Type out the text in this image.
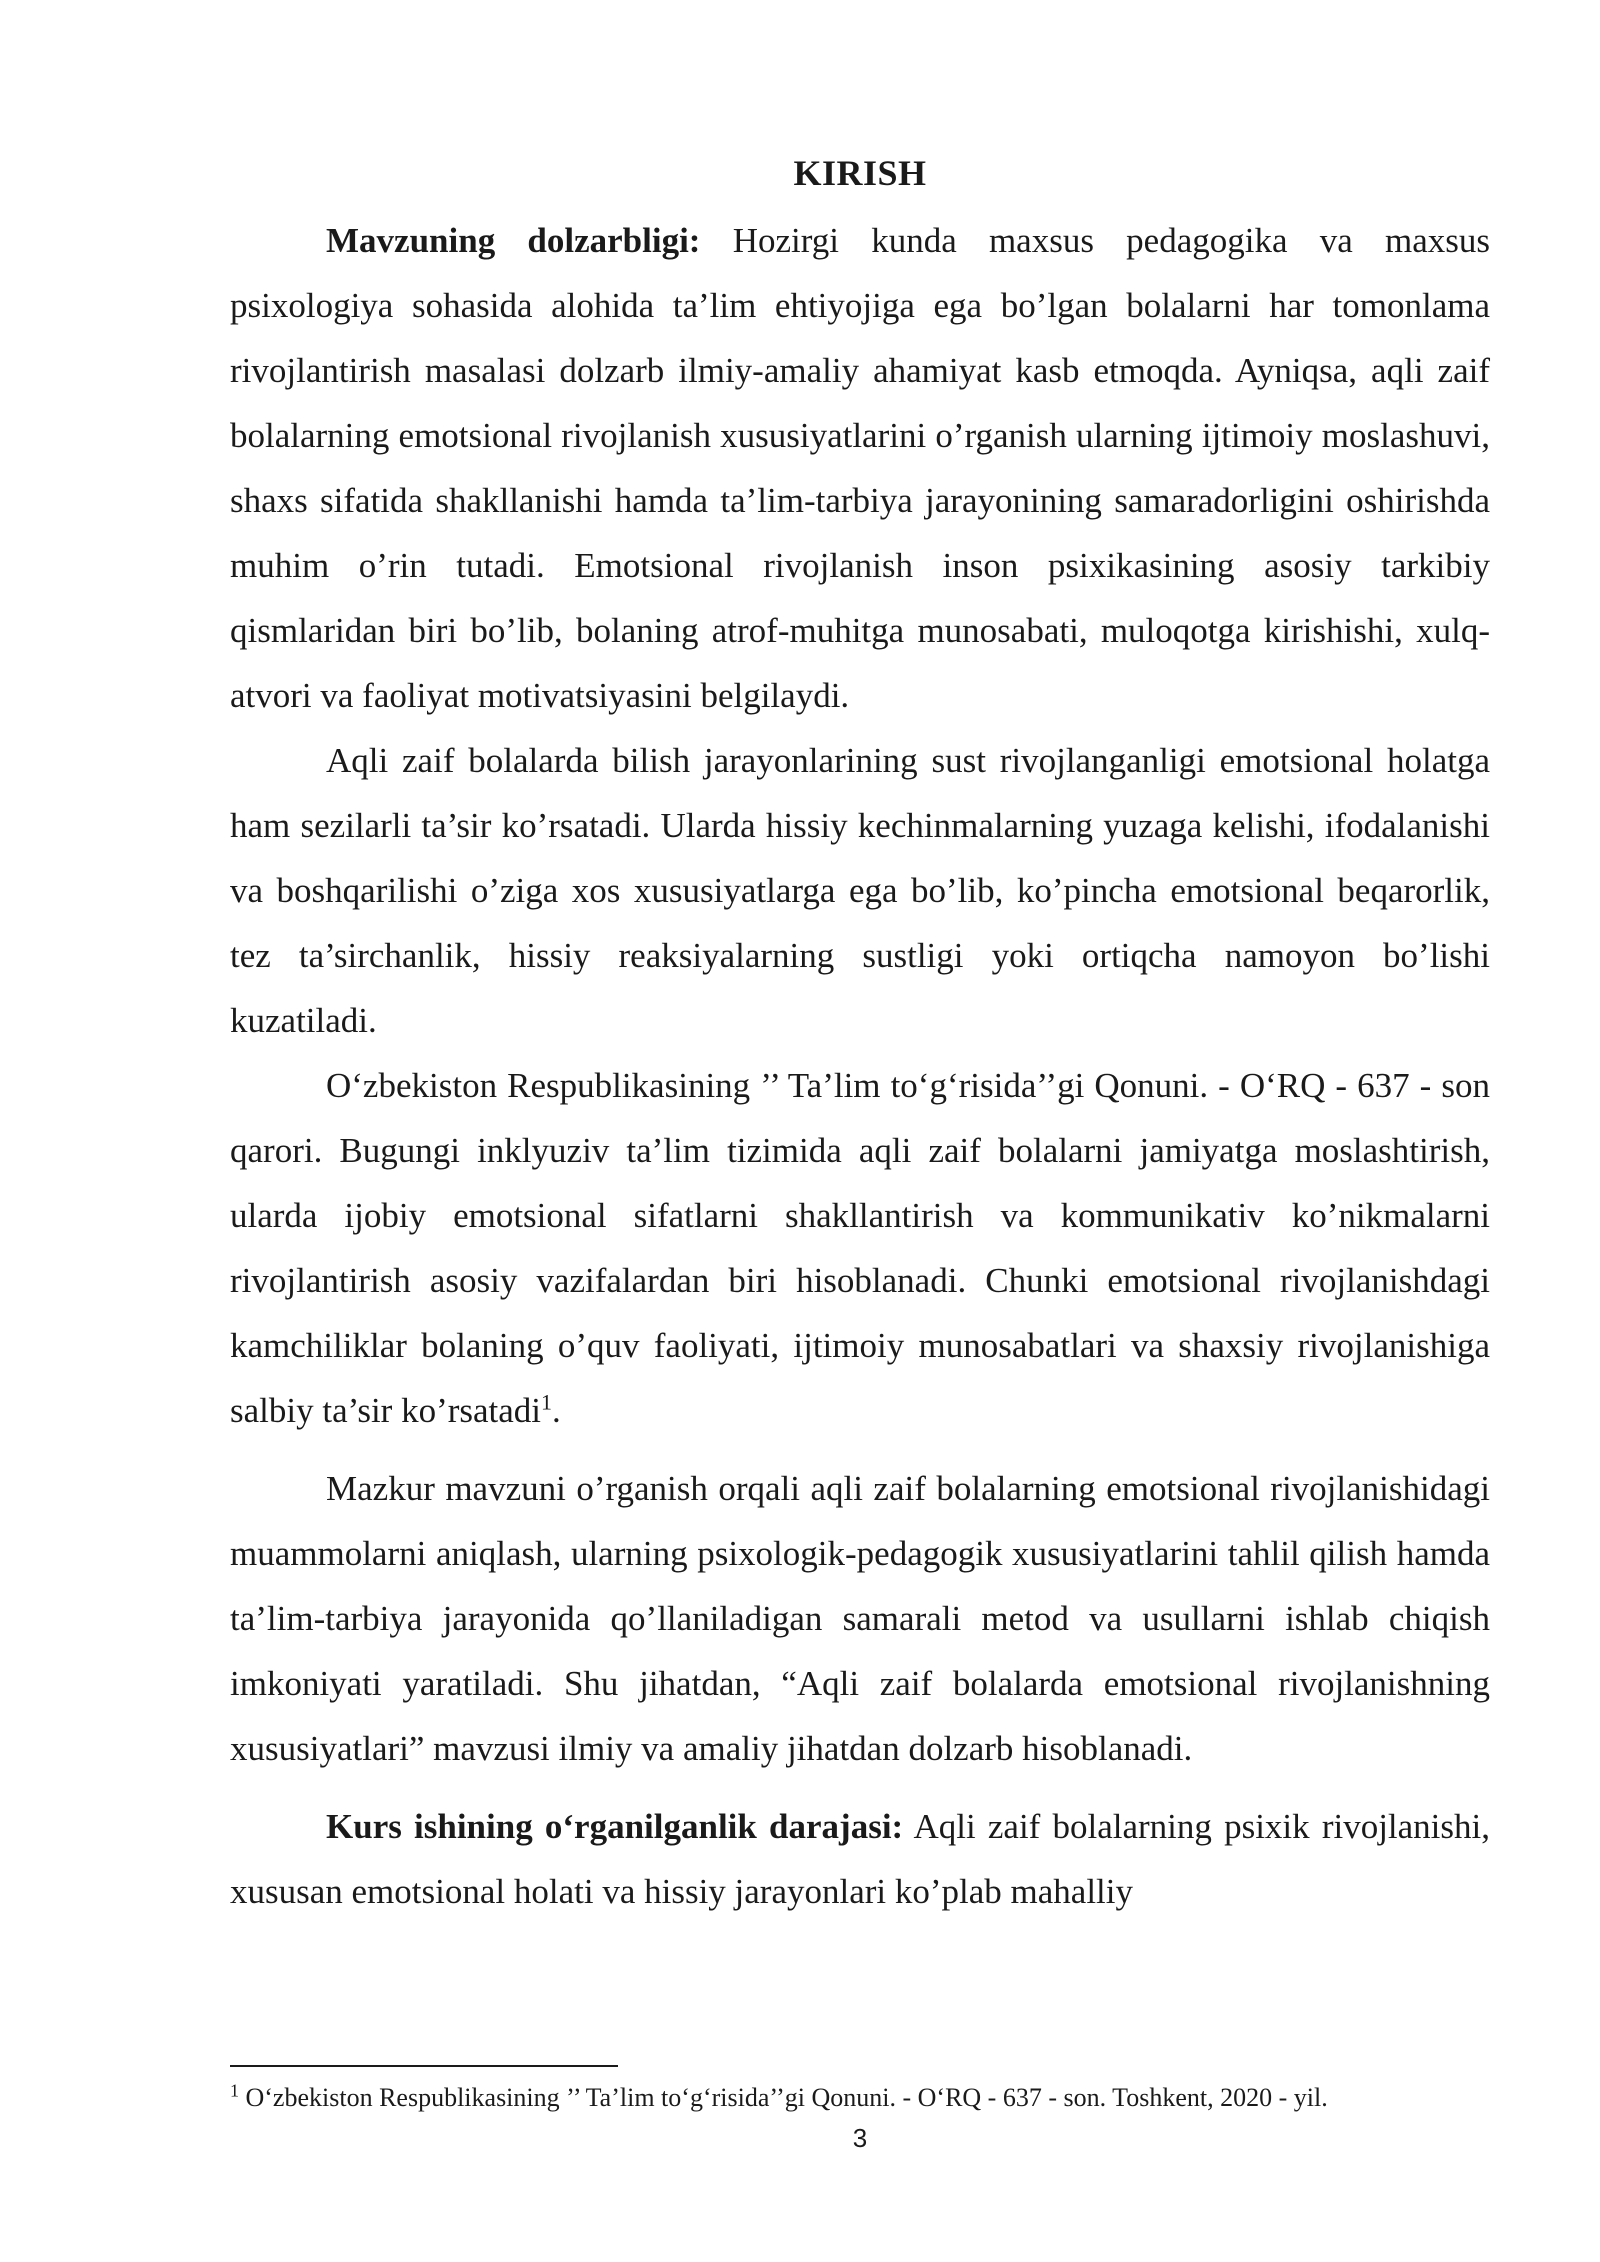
KIRISH

Mavzuning dolzarbligi: Hozirgi kunda maxsus pedagogika va maxsus psixologiya sohasida alohida ta’lim ehtiyojiga ega bo’lgan bolalarni har tomonlama rivojlantirish masalasi dolzarb ilmiy-amaliy ahamiyat kasb etmoqda. Ayniqsa, aqli zaif bolalarning emotsional rivojlanish xususiyatlarini o’rganish ularning ijtimoiy moslashuvi, shaxs sifatida shakllanishi hamda ta’lim-tarbiya jarayonining samaradorligini oshirishda muhim o’rin tutadi. Emotsional rivojlanish inson psixikasining asosiy tarkibiy qismlaridan biri bo’lib, bolaning atrof-muhitga munosabati, muloqotga kirishishi, xulq-atvori va faoliyat motivatsiyasini belgilaydi.

Aqli zaif bolalarda bilish jarayonlarining sust rivojlanganligi emotsional holatga ham sezilarli ta’sir ko’rsatadi. Ularda hissiy kechinmalarning yuzaga kelishi, ifodalanishi va boshqarilishi o’ziga xos xususiyatlarga ega bo’lib, ko’pincha emotsional beqarorlik, tez ta’sirchanlik, hissiy reaksiyalarning sustligi yoki ortiqcha namoyon bo’lishi kuzatiladi.

O‘zbekiston Respublikasining ’’ Ta’lim to‘g‘risida’’gi Qonuni. - O‘RQ - 637 - son qarori. Bugungi inklyuziv ta’lim tizimida aqli zaif bolalarni jamiyatga moslashtirish, ularda ijobiy emotsional sifatlarni shakllantirish va kommunikativ ko’nikmalarni rivojlantirish asosiy vazifalardan biri hisoblanadi. Chunki emotsional rivojlanishdagi kamchiliklar bolaning o’quv faoliyati, ijtimoiy munosabatlari va shaxsiy rivojlanishiga salbiy ta’sir ko’rsatadi$^1$.

Mazkur mavzuni o’rganish orqali aqli zaif bolalarning emotsional rivojlanishidagi muammolarni aniqlash, ularning psixologik-pedagogik xususiyatlarini tahlil qilish hamda ta’lim-tarbiya jarayonida qo’llaniladigan samarali metod va usullarni ishlab chiqish imkoniyati yaratiladi. Shu jihatdan, “Aqli zaif bolalarda emotsional rivojlanishning xususiyatlari” mavzusi ilmiy va amaliy jihatdan dolzarb hisoblanadi.

Kurs ishining o‘rganilganlik darajasi: Aqli zaif bolalarning psixik rivojlanishi, xususan emotsional holati va hissiy jarayonlari ko’plab mahalliy

$^1$ O‘zbekiston Respublikasining ’’ Ta’lim to‘g‘risida’’gi Qonuni. - O‘RQ - 637 - son. Toshkent, 2020 - yil.
3
